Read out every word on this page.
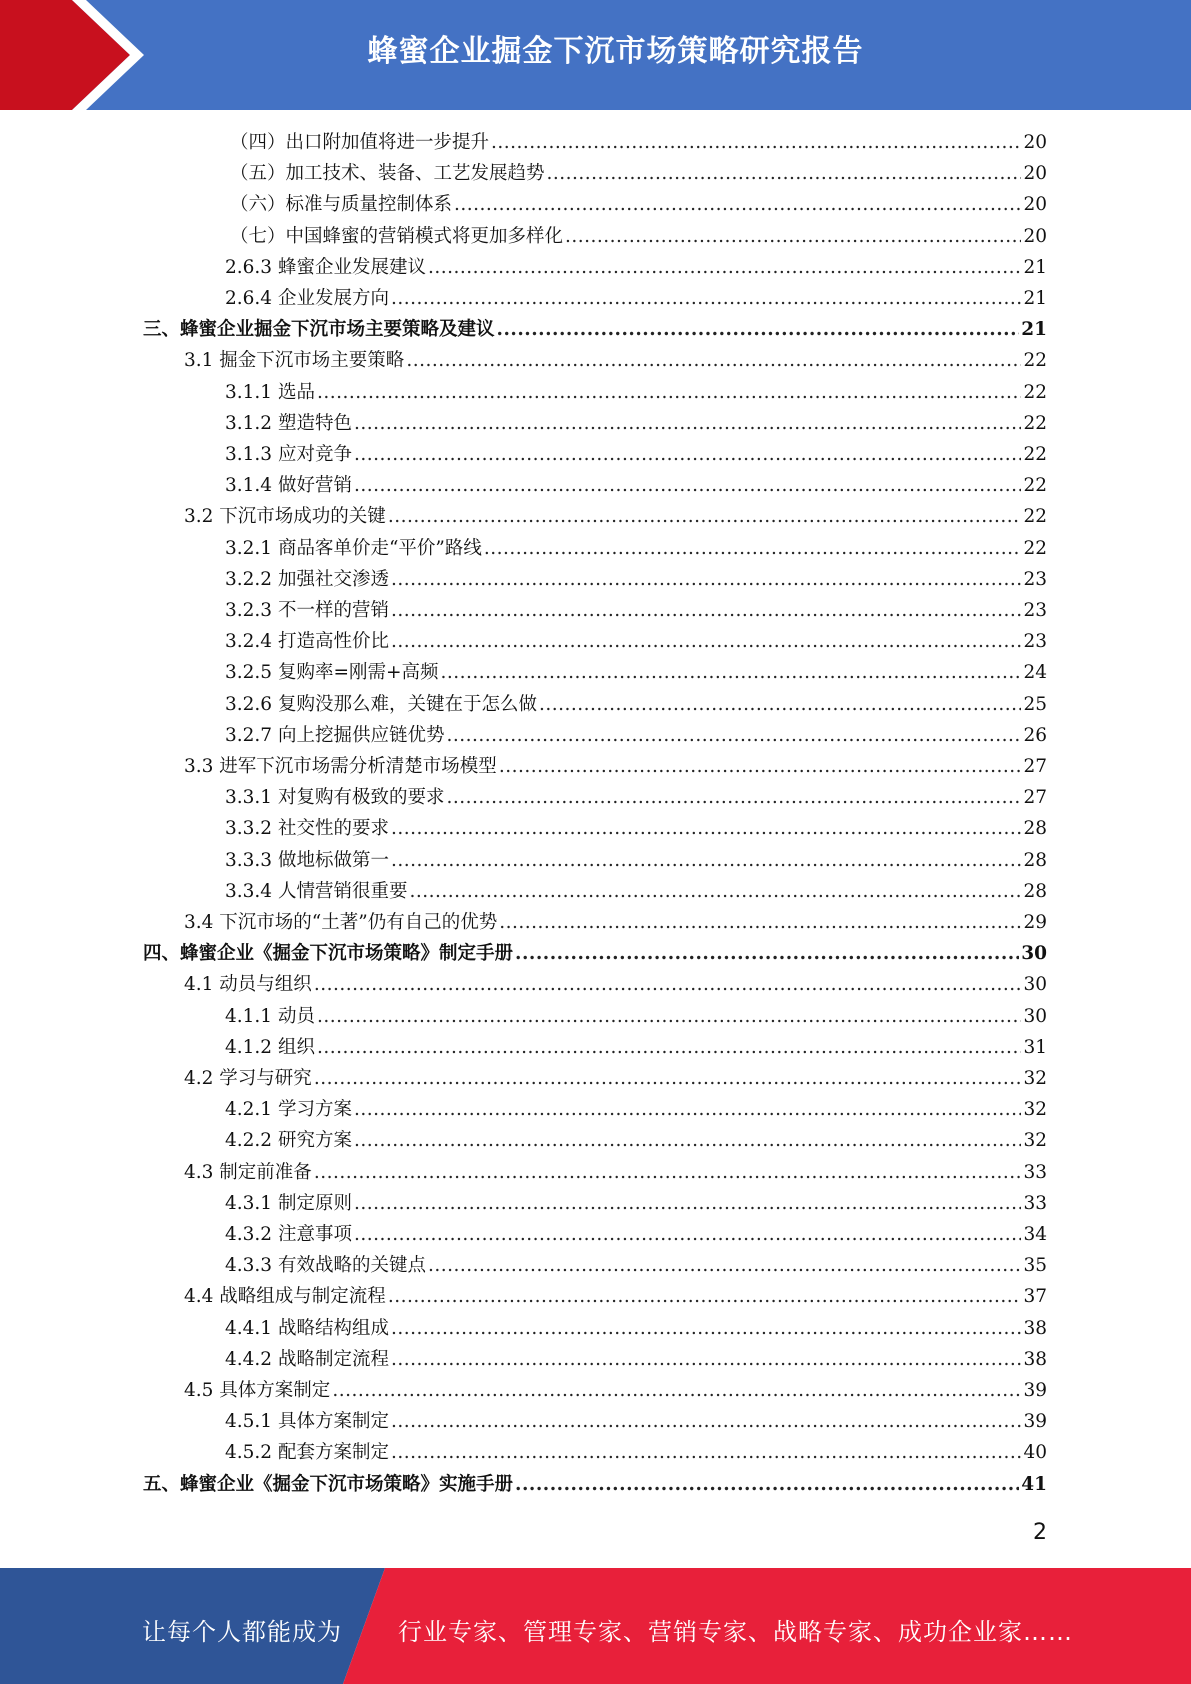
蜂蜜企业掘金下沉市场策略研究报告
（四）出口附加值将进一步提升 .....	20
（五）加工技术、装备、工艺发展趋势 .....	20
（六）标准与质量控制体系 .....	20
（七）中国蜂蜜的营销模式将更加多样化 .....	20
2.6.3 蜂蜜企业发展建议 .....	21
2.6.4 企业发展方向 .....	21
三、蜂蜜企业掘金下沉市场主要策略及建议 .....	21
3.1 掘金下沉市场主要策略 .....	22
3.1.1 选品 .....	22
3.1.2 塑造特色 .....	22
3.1.3 应对竞争 .....	22
3.1.4 做好营销 .....	22
3.2 下沉市场成功的关键 .....	22
3.2.1 商品客单价走“平价”路线 .....	22
3.2.2 加强社交渗透 .....	23
3.2.3 不一样的营销 .....	23
3.2.4 打造高性价比 .....	23
3.2.5 复购率=刚需+高频 .....	24
3.2.6 复购没那么难，关键在于怎么做 .....	25
3.2.7 向上挖掘供应链优势 .....	26
3.3 进军下沉市场需分析清楚市场模型 .....	27
3.3.1 对复购有极致的要求 .....	27
3.3.2 社交性的要求 .....	28
3.3.3 做地标做第一 .....	28
3.3.4 人情营销很重要 .....	28
3.4 下沉市场的“土著”仍有自己的优势 .....	29
四、蜂蜜企业《掘金下沉市场策略》制定手册 .....	30
4.1 动员与组织 .....	30
4.1.1 动员 .....	30
4.1.2 组织 .....	31
4.2 学习与研究 .....	32
4.2.1 学习方案 .....	32
4.2.2 研究方案 .....	32
4.3 制定前准备 .....	33
4.3.1 制定原则 .....	33
4.3.2 注意事项 .....	34
4.3.3 有效战略的关键点 .....	35
4.4 战略组成与制定流程 .....	37
4.4.1 战略结构组成 .....	38
4.4.2 战略制定流程 .....	38
4.5 具体方案制定 .....	39
4.5.1 具体方案制定 .....	39
4.5.2 配套方案制定 .....	40
五、蜂蜜企业《掘金下沉市场策略》实施手册 .....	41
2
让每个人都能成为 行业专家、管理专家、营销专家、战略专家、成功企业家……
